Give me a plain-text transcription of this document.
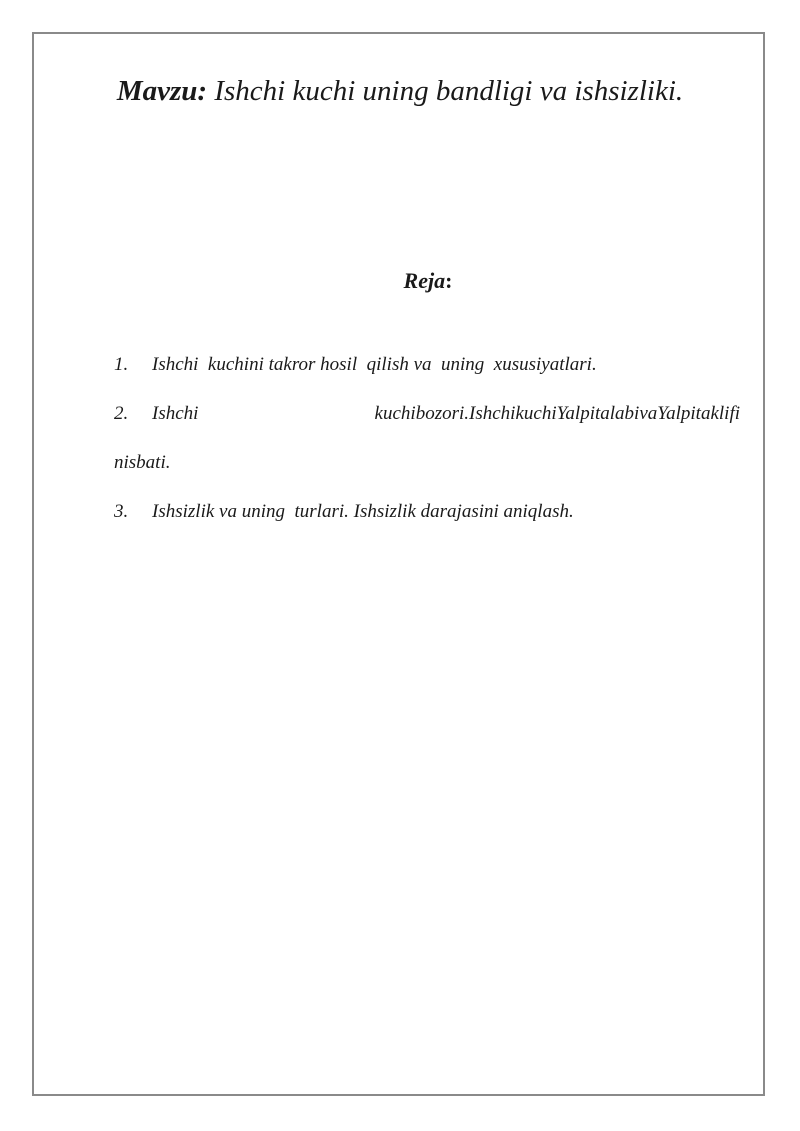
Mavzu: Ishchi kuchi uning bandligi va ishsizliki.
Reja:
1. Ishchi  kuchini takror hosil  qilish va  uning  xususiyatlari.
2.	Ishchi	kuchi bozori. Ishchi kuchi Yalpi talabi va Yalpi taklifi
nisbati.
3. Ishsizlik va uning  turlari. Ishsizlik darajasini aniqlash.
